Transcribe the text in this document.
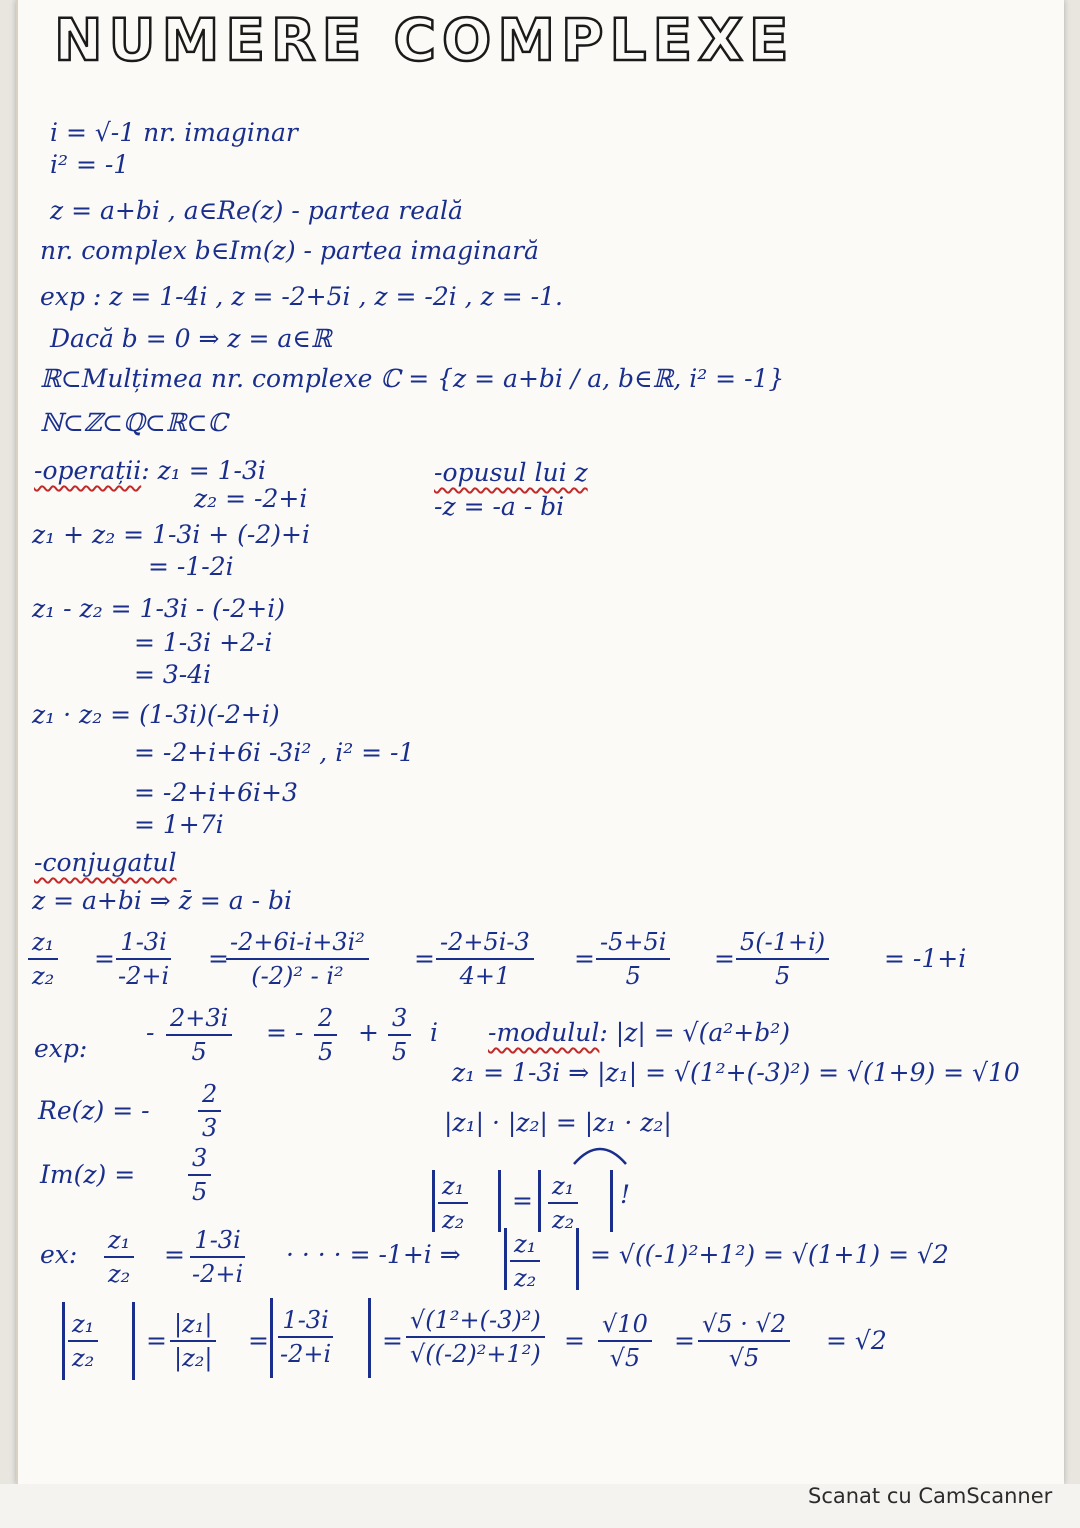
NUMERE COMPLEXE
i = √-1 nr. imaginar
i² = -1
z = a+bi , a∈Re(z) - partea reală
nr. complex b∈Im(z) - partea imaginară
exp : z = 1-4i , z = -2+5i , z = -2i , z = -1.
Dacă b = 0 ⇒ z = a∈ℝ
ℝ⊂Mulțimea nr. complexe ℂ = {z = a+bi / a, b∈ℝ, i² = -1}
ℕ⊂ℤ⊂ℚ⊂ℝ⊂ℂ
-operații: z₁ = 1-3i
z₂ = -2+i
z₁ + z₂ = 1-3i + (-2)+i
= -1-2i
z₁ - z₂ = 1-3i - (-2+i)
= 1-3i +2-i
= 3-4i
z₁ · z₂ = (1-3i)(-2+i)
= -2+i+6i -3i² , i² = -1
= -2+i+6i+3
= 1+7i
-opusul lui z
-z = -a - bi
-conjugatul
z = a+bi ⇒ z̄ = a - bi
$\frac{\text{z₁}}{\text{z₂}} = \frac{1-3i}{-2+i}$ =
$\frac{\text{-2+6i-i+3i²}}{\text{(-2)² - i²}} = \frac{-2+5i-3}{4+1} = \frac{-5+5i}{5} = \frac{5(-1+i)}{5} = -1+i$
exp:
- $\frac{2+3i}{5}$ = - $\frac{2}{5} + \frac{3}{5}$ i
Re(z) = - $\frac{2}{3}$
$Im(z) = \frac{3}{5}$
-modulul: |z| = √(a²+b²)
z₁ = 1-3i ⇒ |z₁| = √(1²+(-3)²) = √(1+9) = √10
|z₁| · |z₂| = |z₁ · z₂|
$\frac{\text{z₁}}{\text{z₂}} = \frac{\text{z₁}}{\text{z₂}}$ !
ex: $\frac{\text{z₁}}{\text{z₂}} = \frac{1-3i}{-2+i}$ · · · · = -1+i ⇒ $\frac{\text{z₁}}{\text{z₂}} = √((-1)^2+1^2) = √(1+1) = √2$
$\frac{\text{z₁}}{\text{z₂}} = \frac{\text{|z₁|}}{\text{|z₂|}} = \frac{1-3i}{-2+i} = \frac{\text{√(1²+(-3)²)}}{\text{√((-2)²+1²)}} = \frac{√10}{√5} = \frac{√5 \cdot √2}{√5} = √2$
Scanat cu CamScanner
